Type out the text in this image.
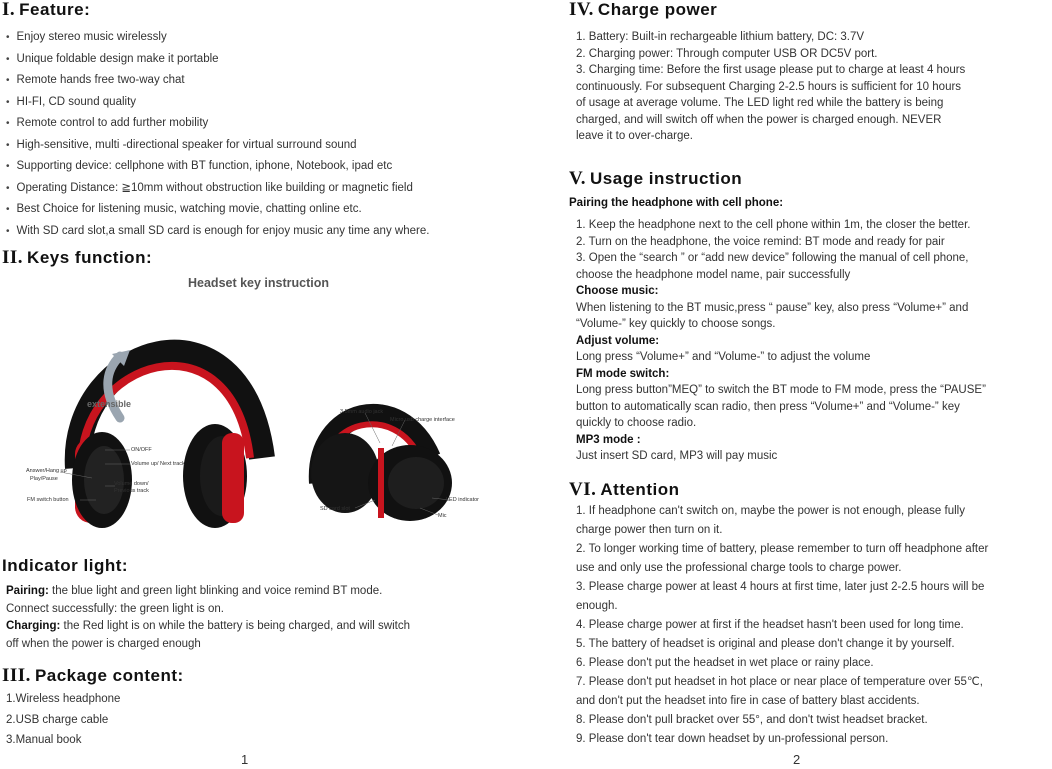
I. Feature:
• Enjoy stereo music wirelessly
• Unique foldable design make it portable
• Remote hands free two-way chat
• HI-FI, CD sound quality
• Remote control to add further mobility
• High-sensitive, multi -directional speaker for virtual surround sound
• Supporting device: cellphone with BT function, iphone, Notebook, ipad etc
• Operating Distance: ≧10mm without obstruction like building or magnetic field
• Best Choice for listening music, watching movie, chatting online etc.
• With SD card slot,a small SD card is enough for enjoy music any time any where.
II. Keys function:
Headset key instruction
extensible
ON/OFF
Volume up/ Next track
Answer/Hang up
Play/Pause
Volume down/
Previous track
FM switch button
3.5mm audio jack
Micro usb charge interface
SD card slot
LED indicator
Mic
Indicator light:
Pairing: the blue light and green light blinking and voice remind BT mode.
Connect successfully: the green light is on.
Charging: the Red light is on while the battery is being charged, and will switch
off when the power is charged enough
III. Package content:
1.Wireless headphone
2.USB charge cable
3.Manual book
1
IV. Charge power
1. Battery: Built-in rechargeable lithium battery, DC: 3.7V
2. Charging power: Through computer USB OR DC5V port.
3. Charging time: Before the first usage please put to charge at least 4 hours
continuously. For subsequent Charging 2-2.5 hours is sufficient for 10 hours
of usage at average volume. The LED light red while the battery is being
charged, and will switch off when the power is charged enough. NEVER
leave it to over-charge.
V. Usage instruction
Pairing the headphone with cell phone:
1. Keep the headphone next to the cell phone within 1m, the closer the better.
2. Turn on the headphone, the voice remind: BT mode and ready for pair
3. Open the “search ” or “add new device” following the manual of cell phone,
choose the headphone model name, pair successfully
Choose music:
When listening to the BT music,press “ pause” key, also press “Volume+” and
“Volume-” key quickly to choose songs.
Adjust volume:
Long press “Volume+” and “Volume-” to adjust the volume
FM mode switch:
Long press button”MEQ” to switch the BT mode to FM mode, press the “PAUSE”
button to automatically scan radio, then press “Volume+” and “Volume-” key
quickly to choose radio.
MP3 mode :
Just insert SD card, MP3 will pay music
VI. Attention
1. If headphone can't switch on, maybe the power is not enough, please fully
charge power then turn on it.
2. To longer working time of battery, please remember to turn off headphone after
use and only use the professional charge tools to charge power.
3. Please charge power at least 4 hours at first time, later just 2-2.5 hours will be
enough.
4. Please charge power at first if the headset hasn't been used for long time.
5. The battery of headset is original and please don't change it by yourself.
6. Please don't put the headset in wet place or rainy place.
7. Please don't put headset in hot place or near place of temperature over 55℃,
and don't put the headset into fire in case of battery blast accidents.
8. Please don't pull bracket over 55°, and don't twist headset bracket.
9. Please don't tear down headset by un-professional person.
2
